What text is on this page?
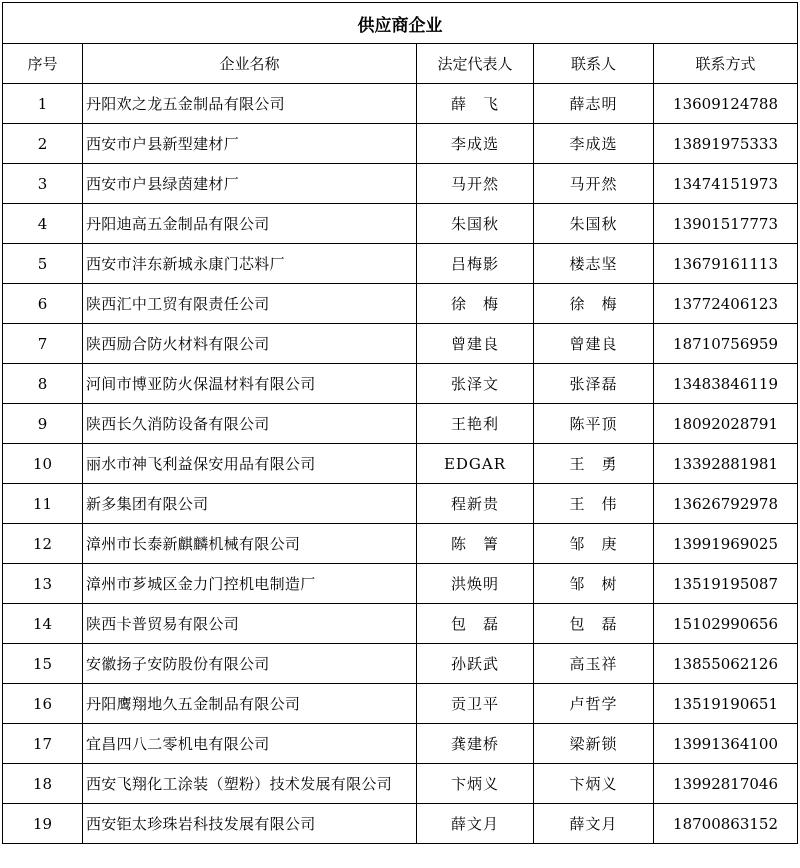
供应商企业				
序号	企业名称	法定代表人	联系人	联系方式
1	丹阳欢之龙五金制品有限公司	薛　飞	薛志明	13609124788
2	西安市户县新型建材厂	李成选	李成选	13891975333
3	西安市户县绿茵建材厂	马开然	马开然	13474151973
4	丹阳迪高五金制品有限公司	朱国秋	朱国秋	13901517773
5	西安市沣东新城永康门芯料厂	吕梅影	楼志坚	13679161113
6	陕西汇中工贸有限责任公司	徐　梅	徐　梅	13772406123
7	陕西励合防火材料有限公司	曾建良	曾建良	18710756959
8	河间市博亚防火保温材料有限公司	张泽文	张泽磊	13483846119
9	陕西长久消防设备有限公司	王艳利	陈平顶	18092028791
10	丽水市神飞利益保安用品有限公司	EDGAR	王　勇	13392881981
11	新多集团有限公司	程新贵	王　伟	13626792978
12	漳州市长泰新麒麟机械有限公司	陈　箐	邹　庚	13991969025
13	漳州市芗城区金力门控机电制造厂	洪焕明	邹　树	13519195087
14	陕西卡普贸易有限公司	包　磊	包　磊	15102990656
15	安徽扬子安防股份有限公司	孙跃武	高玉祥	13855062126
16	丹阳鹰翔地久五金制品有限公司	贡卫平	卢哲学	13519190651
17	宜昌四八二零机电有限公司	龚建桥	梁新锁	13991364100
18	西安飞翔化工涂装（塑粉）技术发展有限公司	卞炳义	卞炳义	13992817046
19	西安钜太珍珠岩科技发展有限公司	薛文月	薛文月	18700863152
